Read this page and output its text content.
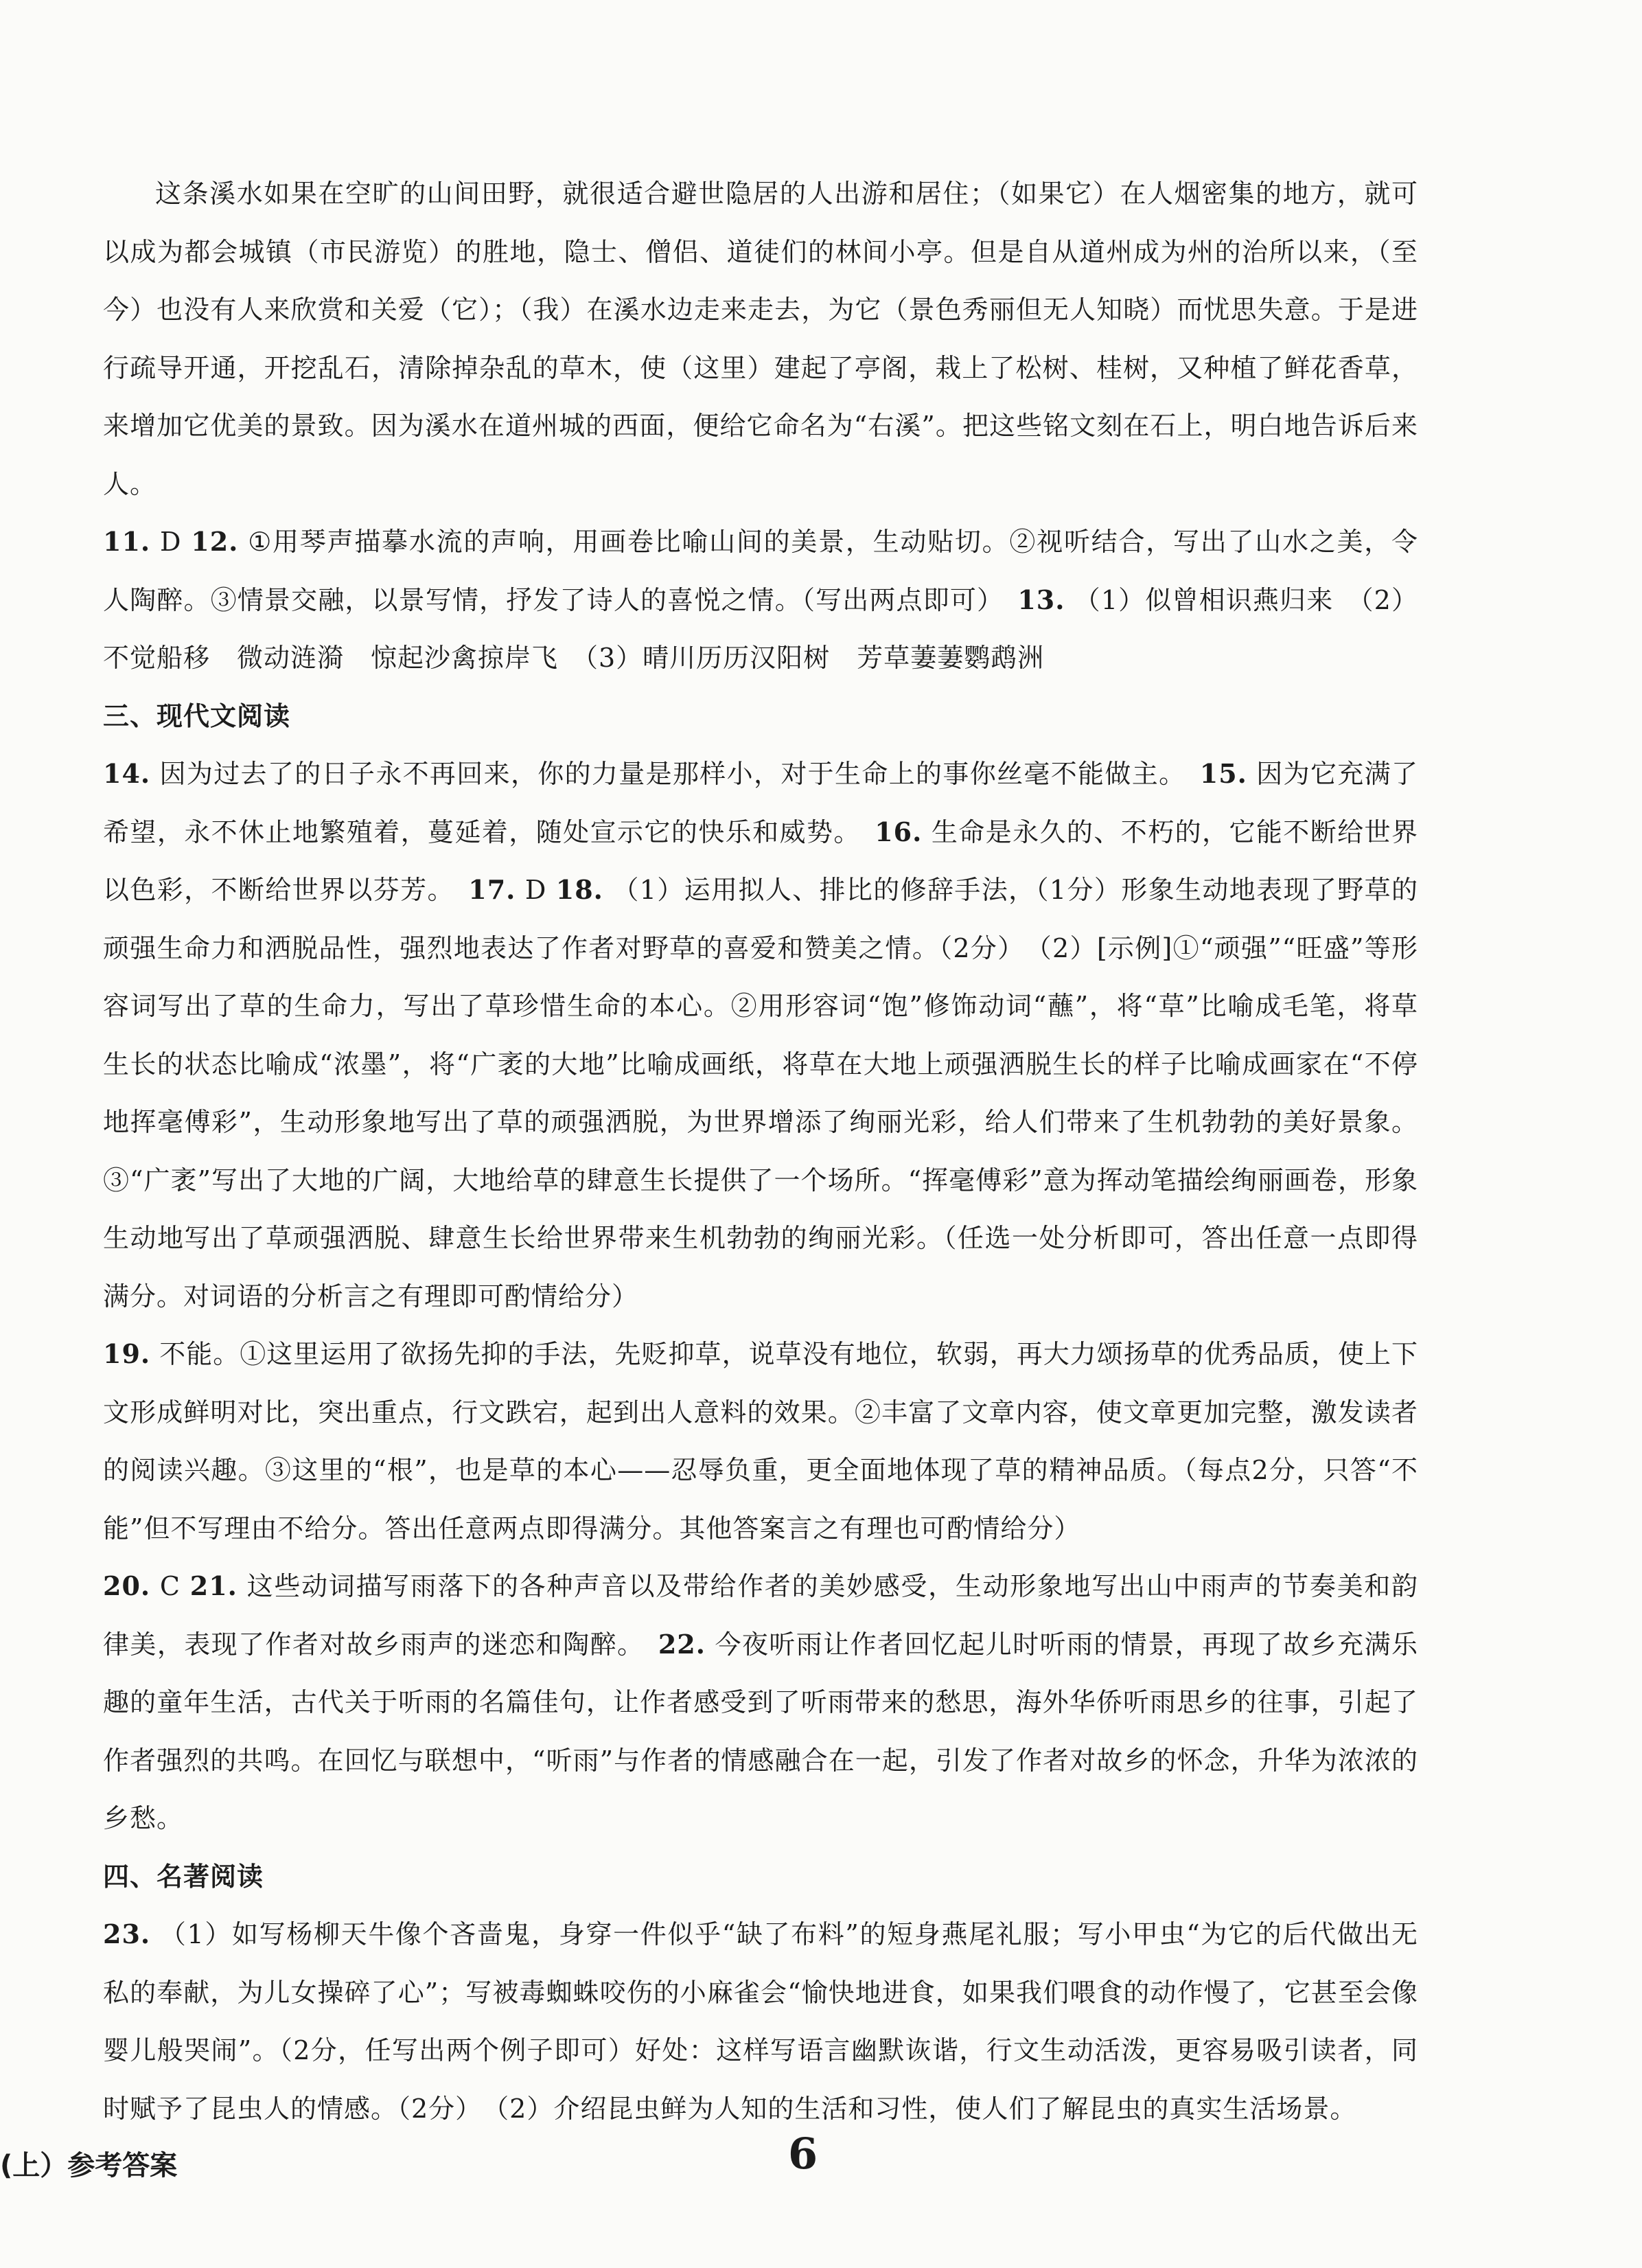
这条溪水如果在空旷的山间田野，就很适合避世隐居的人出游和居住；（如果它）在人烟密集的地方，就可以成为都会城镇（市民游览）的胜地，隐士、僧侣、道徒们的林间小亭。但是自从道州成为州的治所以来，（至今）也没有人来欣赏和关爱（它）；（我）在溪水边走来走去，为它（景色秀丽但无人知晓）而忧思失意。于是进行疏导开通，开挖乱石，清除掉杂乱的草木，使（这里）建起了亭阁，栽上了松树、桂树，又种植了鲜花香草，来增加它优美的景致。因为溪水在道州城的西面，便给它命名为“右溪”。把这些铭文刻在石上，明白地告诉后来人。

11. D 12. ①用琴声描摹水流的声响，用画卷比喻山间的美景，生动贴切。②视听结合，写出了山水之美，令人陶醉。③情景交融，以景写情，抒发了诗人的喜悦之情。（写出两点即可）　13. （1）似曾相识燕归来　（2）不觉船移　微动涟漪　惊起沙禽掠岸飞　（3）晴川历历汉阳树　芳草萋萋鹦鹉洲

三、现代文阅读

14. 因为过去了的日子永不再回来，你的力量是那样小，对于生命上的事你丝毫不能做主。　15. 因为它充满了希望，永不休止地繁殖着，蔓延着，随处宣示它的快乐和威势。　16. 生命是永久的、不朽的，它能不断给世界以色彩，不断给世界以芬芳。　17. D 18. （1）运用拟人、排比的修辞手法，（1分）形象生动地表现了野草的顽强生命力和洒脱品性，强烈地表达了作者对野草的喜爱和赞美之情。（2分）　（2）[示例]①“顽强”“旺盛”等形容词写出了草的生命力，写出了草珍惜生命的本心。②用形容词“饱”修饰动词“蘸”，将“草”比喻成毛笔，将草生长的状态比喻成“浓墨”，将“广袤的大地”比喻成画纸，将草在大地上顽强洒脱生长的样子比喻成画家在“不停地挥毫傅彩”，生动形象地写出了草的顽强洒脱，为世界增添了绚丽光彩，给人们带来了生机勃勃的美好景象。③“广袤”写出了大地的广阔，大地给草的肆意生长提供了一个场所。“挥毫傅彩”意为挥动笔描绘绚丽画卷，形象生动地写出了草顽强洒脱、肆意生长给世界带来生机勃勃的绚丽光彩。（任选一处分析即可，答出任意一点即得满分。对词语的分析言之有理即可酌情给分）

19. 不能。①这里运用了欲扬先抑的手法，先贬抑草，说草没有地位，软弱，再大力颂扬草的优秀品质，使上下文形成鲜明对比，突出重点，行文跌宕，起到出人意料的效果。②丰富了文章内容，使文章更加完整，激发读者的阅读兴趣。③这里的“根”，也是草的本心——忍辱负重，更全面地体现了草的精神品质。（每点2分，只答“不能”但不写理由不给分。答出任意两点即得满分。其他答案言之有理也可酌情给分）

20. C 21. 这些动词描写雨落下的各种声音以及带给作者的美妙感受，生动形象地写出山中雨声的节奏美和韵律美，表现了作者对故乡雨声的迷恋和陶醉。　22. 今夜听雨让作者回忆起儿时听雨的情景，再现了故乡充满乐趣的童年生活，古代关于听雨的名篇佳句，让作者感受到了听雨带来的愁思，海外华侨听雨思乡的往事，引起了作者强烈的共鸣。在回忆与联想中，“听雨”与作者的情感融合在一起，引发了作者对故乡的怀念，升华为浓浓的乡愁。

四、名著阅读

23. （1）如写杨柳天牛像个吝啬鬼，身穿一件似乎“缺了布料”的短身燕尾礼服；写小甲虫“为它的后代做出无私的奉献，为儿女操碎了心”；写被毒蜘蛛咬伤的小麻雀会“愉快地进食，如果我们喂食的动作慢了，它甚至会像婴儿般哭闹”。（2分，任写出两个例子即可）好处：这样写语言幽默诙谐，行文生动活泼，更容易吸引读者，同时赋予了昆虫人的情感。（2分）　（2）介绍昆虫鲜为人知的生活和习性，使人们了解昆虫的真实生活场景。

(上）参考答案	6
